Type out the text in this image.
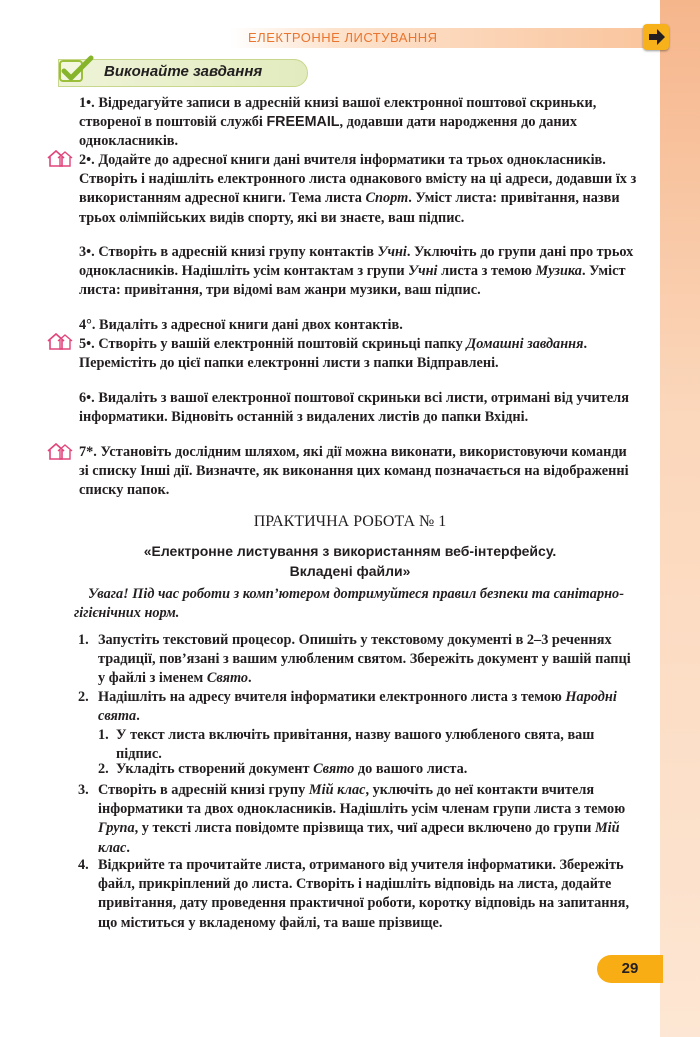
ЕЛЕКТРОННЕ ЛИСТУВАННЯ
Виконайте завдання
1•. Відредагуйте записи в адресній книзі вашої електронної поштової скриньки, створеної в поштовій службі FREEMAIL, додавши дати народження до даних однокласників.
2•. Додайте до адресної книги дані вчителя інформатики та трьох однокласників. Створіть і надішліть електронного листа однакового вмісту на ці адреси, додавши їх з використанням адресної книги. Тема листа Спорт. Уміст листа: привітання, назви трьох олімпійських видів спорту, які ви знаєте, ваш підпис.
3•. Створіть в адресній книзі групу контактів Учні. Уключіть до групи дані про трьох однокласників. Надішліть усім контактам з групи Учні листа з темою Музика. Уміст листа: привітання, три відомі вам жанри музики, ваш підпис.
4°. Видаліть з адресної книги дані двох контактів.
5•. Створіть у вашій електронній поштовій скриньці папку Домашні завдання. Перемістіть до цієї папки електронні листи з папки Відправлені.
6•. Видаліть з вашої електронної поштової скриньки всі листи, отримані від учителя інформатики. Відновіть останній з видалених листів до папки Вхідні.
7*. Установіть дослідним шляхом, які дії можна виконати, використовуючи команди зі списку Інші дії. Визначте, як виконання цих команд позначається на відображенні списку папок.
ПРАКТИЧНА РОБОТА № 1
«Електронне листування з використанням веб-інтерфейсу.
Вкладені файли»
Увага! Під час роботи з комп’ютером дотримуйтеся правил безпеки та санітарно-гігієнічних норм.
1. Запустіть текстовий процесор. Опишіть у текстовому документі в 2–3 реченнях традиції, пов’язані з вашим улюбленим святом. Збережіть документ у вашій папці у файлі з іменем Свято.
2. Надішліть на адресу вчителя інформатики електронного листа з темою Народні свята.
1. У текст листа включіть привітання, назву вашого улюбленого свята, ваш підпис.
2. Укладіть створений документ Свято до вашого листа.
3. Створіть в адресній книзі групу Мій клас, уключіть до неї контакти вчителя інформатики та двох однокласників. Надішліть усім членам групи листа з темою Група, у тексті листа повідомте прізвища тих, чиї адреси включено до групи Мій клас.
4. Відкрийте та прочитайте листа, отриманого від учителя інформатики. Збережіть файл, прикріплений до листа. Створіть і надішліть відповідь на листа, додайте привітання, дату проведення практичної роботи, коротку відповідь на запитання, що міститься у вкладеному файлі, та ваше прізвище.
29
